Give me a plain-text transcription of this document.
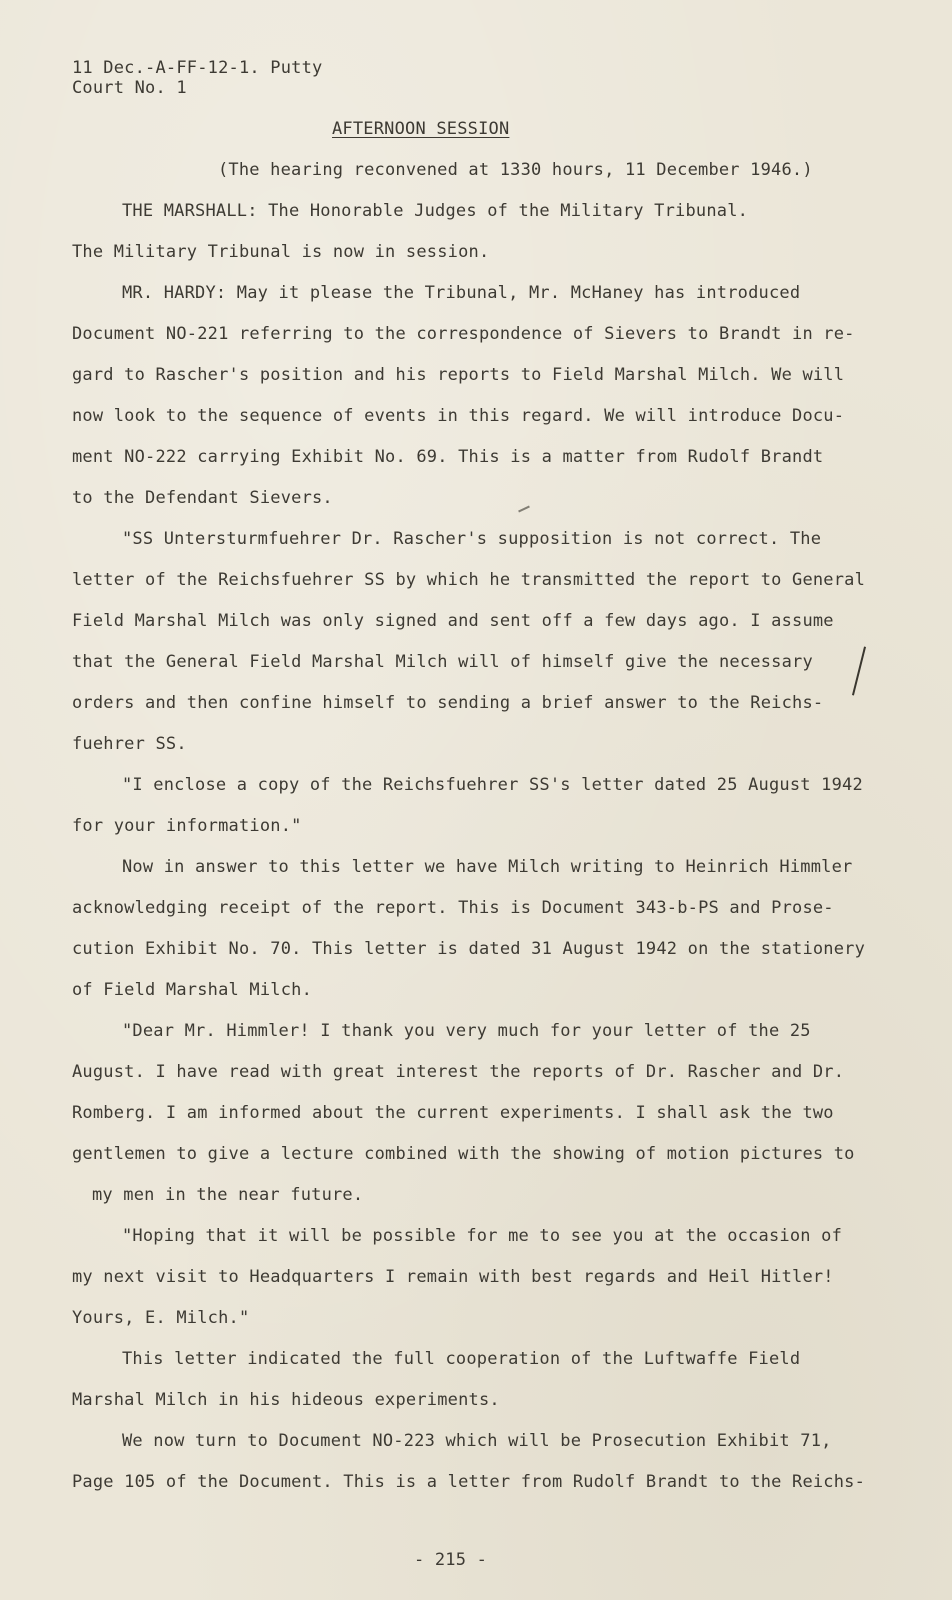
11 Dec.-A-FF-12-1. Putty
Court No. 1
AFTERNOON SESSION
(The hearing reconvened at 1330 hours, 11 December 1946.)
THE MARSHALL: The Honorable Judges of the Military Tribunal.
The Military Tribunal is now in session.
MR. HARDY: May it please the Tribunal, Mr. McHaney has introduced
Document NO-221 referring to the correspondence of Sievers to Brandt in re-
gard to Rascher's position and his reports to Field Marshal Milch. We will
now look to the sequence of events in this regard. We will introduce Docu-
ment NO-222 carrying Exhibit No. 69. This is a matter from Rudolf Brandt
to the Defendant Sievers.
"SS Untersturmfuehrer Dr. Rascher's supposition is not correct. The
letter of the Reichsfuehrer SS by which he transmitted the report to General
Field Marshal Milch was only signed and sent off a few days ago. I assume
that the General Field Marshal Milch will of himself give the necessary
orders and then confine himself to sending a brief answer to the Reichs-
fuehrer SS.
"I enclose a copy of the Reichsfuehrer SS's letter dated 25 August 1942
for your information."
Now in answer to this letter we have Milch writing to Heinrich Himmler
acknowledging receipt of the report. This is Document 343-b-PS and Prose-
cution Exhibit No. 70. This letter is dated 31 August 1942 on the stationery
of Field Marshal Milch.
"Dear Mr. Himmler! I thank you very much for your letter of the 25
August. I have read with great interest the reports of Dr. Rascher and Dr.
Romberg. I am informed about the current experiments. I shall ask the two
gentlemen to give a lecture combined with the showing of motion pictures to
my men in the near future.
"Hoping that it will be possible for me to see you at the occasion of
my next visit to Headquarters I remain with best regards and Heil Hitler!
Yours, E. Milch."
This letter indicated the full cooperation of the Luftwaffe Field
Marshal Milch in his hideous experiments.
We now turn to Document NO-223 which will be Prosecution Exhibit 71,
Page 105 of the Document. This is a letter from Rudolf Brandt to the Reichs-
- 215 -
